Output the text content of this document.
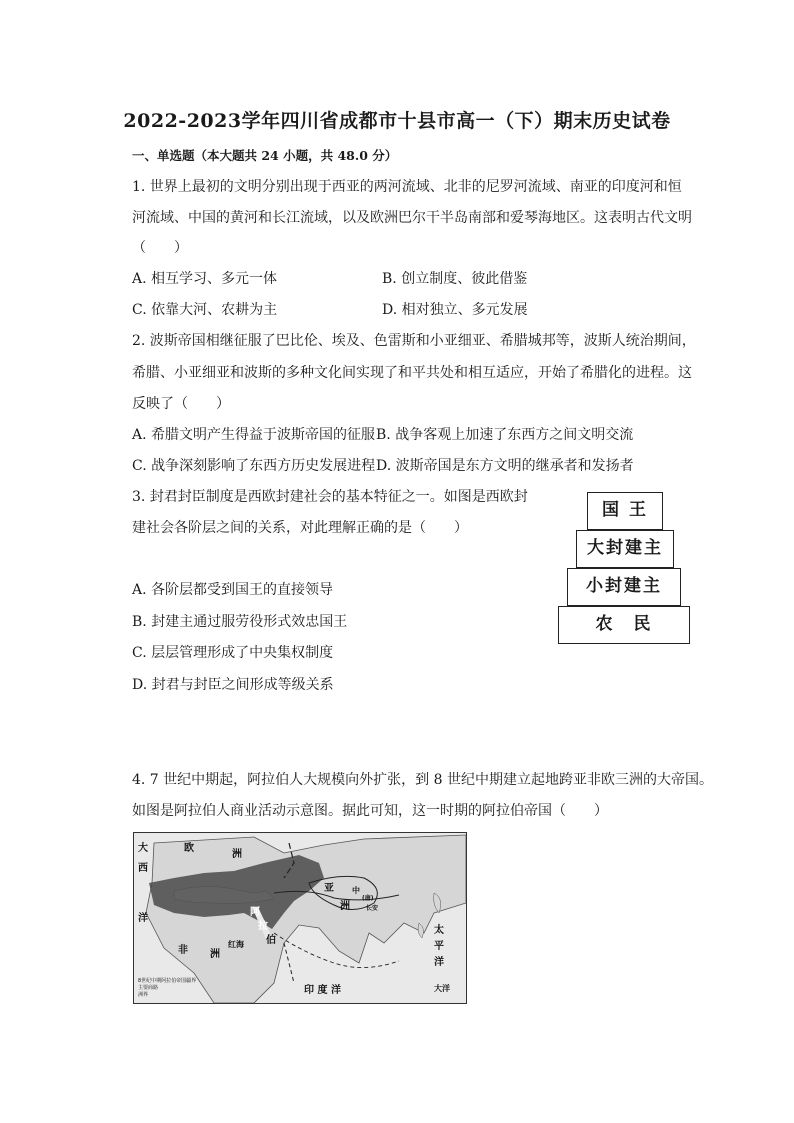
2022-2023学年四川省成都市十县市高一（下）期末历史试卷
一、单选题（本大题共 24 小题，共 48.0 分）
1. 世界上最初的文明分别出现于西亚的两河流域、北非的尼罗河流域、南亚的印度河和恒
河流域、中国的黄河和长江流域，以及欧洲巴尔干半岛南部和爱琴海地区。这表明古代文明
（　　）
A. 相互学习、多元一体	B. 创立制度、彼此借鉴
C. 依靠大河、农耕为主	D. 相对独立、多元发展
2. 波斯帝国相继征服了巴比伦、埃及、色雷斯和小亚细亚、希腊城邦等，波斯人统治期间，
希腊、小亚细亚和波斯的多种文化间实现了和平共处和相互适应，开始了希腊化的进程。这
反映了（　　）
A. 希腊文明产生得益于波斯帝国的征服 B. 战争客观上加速了东西方之间文明交流
C. 战争深刻影响了东西方历史发展进程 D. 波斯帝国是东方文明的继承者和发扬者
3. 封君封臣制度是西欧封建社会的基本特征之一。如图是西欧封
建社会各阶层之间的关系，对此理解正确的是（　　）
A. 各阶层都受到国王的直接领导
B. 封建主通过服劳役形式效忠国王
C. 层层管理形成了中央集权制度
D. 封君与封臣之间形成等级关系
国 王
大封建主
小封建主
农　民
4. 7 世纪中期起，阿拉伯人大规模向外扩张，到 8 世纪中期建立起地跨亚非欧三洲的大帝国。
如图是阿拉伯人商业活动示意图。据此可知，这一时期的阿拉伯帝国（　　）
大
西
洋
欧
洲
亚
洲
非 洲
红海
印 度 洋
太
平
洋
大洋
中
(唐)
长安
阿
拉
伯
8世纪中期阿拉伯帝国疆界
主要商路
洲界
